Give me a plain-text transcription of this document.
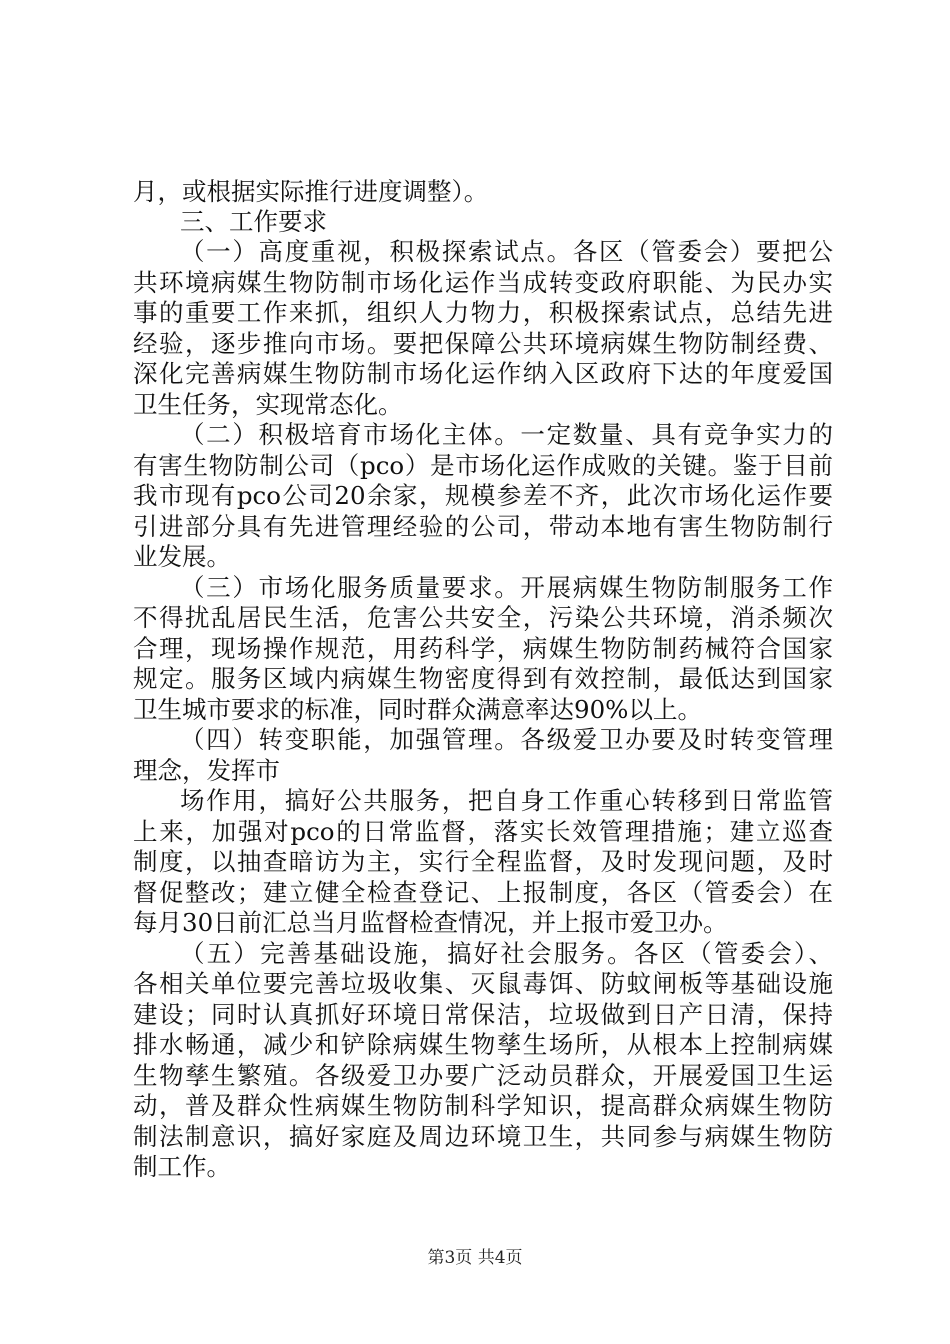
月，或根据实际推行进度调整）。
三、工作要求
（一）高度重视，积极探索试点。各区（管委会）要把公
共环境病媒生物防制市场化运作当成转变政府职能、为民办实
事的重要工作来抓，组织人力物力，积极探索试点，总结先进
经验，逐步推向市场。要把保障公共环境病媒生物防制经费、
深化完善病媒生物防制市场化运作纳入区政府下达的年度爱国
卫生任务，实现常态化。
（二）积极培育市场化主体。一定数量、具有竞争实力的
有害生物防制公司（pco）是市场化运作成败的关键。鉴于目前
我市现有pco公司20余家，规模参差不齐，此次市场化运作要
引进部分具有先进管理经验的公司，带动本地有害生物防制行
业发展。
（三）市场化服务质量要求。开展病媒生物防制服务工作
不得扰乱居民生活，危害公共安全，污染公共环境，消杀频次
合理，现场操作规范，用药科学，病媒生物防制药械符合国家
规定。服务区域内病媒生物密度得到有效控制，最低达到国家
卫生城市要求的标准，同时群众满意率达90%以上。
（四）转变职能，加强管理。各级爱卫办要及时转变管理
理念，发挥市
场作用，搞好公共服务，把自身工作重心转移到日常监管
上来，加强对pco的日常监督，落实长效管理措施；建立巡查
制度，以抽查暗访为主，实行全程监督，及时发现问题，及时
督促整改；建立健全检查登记、上报制度，各区（管委会）在
每月30日前汇总当月监督检查情况，并上报市爱卫办。
（五）完善基础设施，搞好社会服务。各区（管委会）、
各相关单位要完善垃圾收集、灭鼠毒饵、防蚊闸板等基础设施
建设；同时认真抓好环境日常保洁，垃圾做到日产日清，保持
排水畅通，减少和铲除病媒生物孳生场所，从根本上控制病媒
生物孳生繁殖。各级爱卫办要广泛动员群众，开展爱国卫生运
动，普及群众性病媒生物防制科学知识，提高群众病媒生物防
制法制意识，搞好家庭及周边环境卫生，共同参与病媒生物防
制工作。
第3页 共4页
